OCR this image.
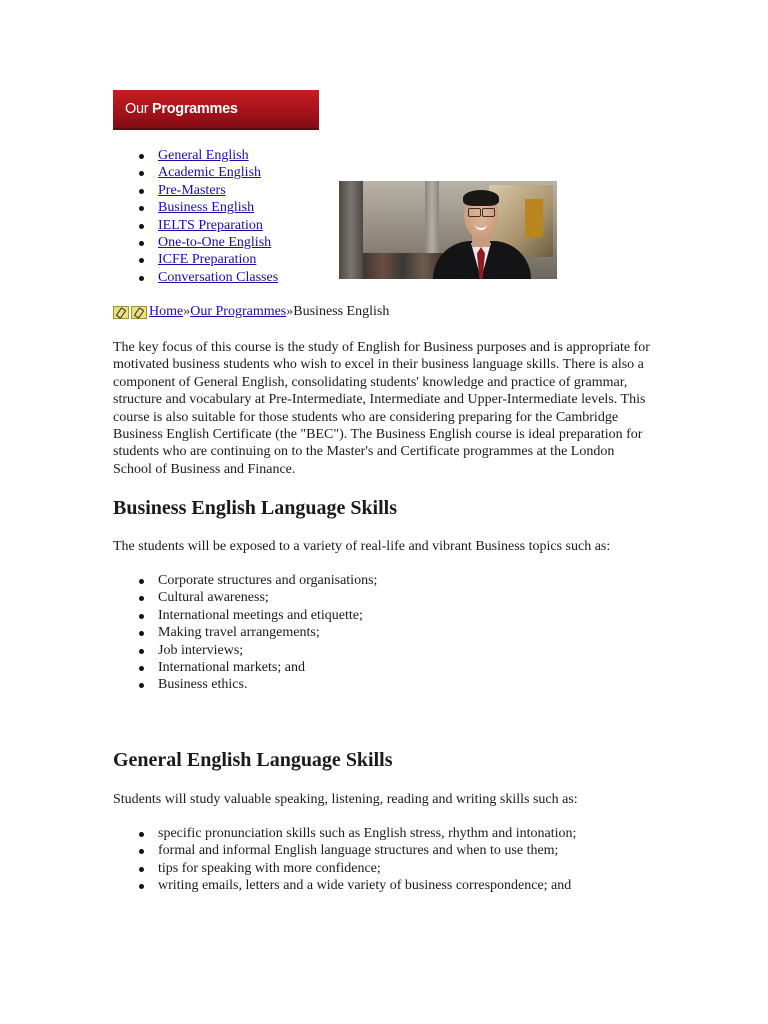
Our Programmes
General English
Academic English
Pre-Masters
Business English
IELTS Preparation
One-to-One English
ICFE Preparation
Conversation Classes
Home » Our Programmes » Business English

The key focus of this course is the study of English for Business purposes and is appropriate for motivated business students who wish to excel in their business language skills. There is also a component of General English, consolidating students' knowledge and practice of grammar, structure and vocabulary at Pre-Intermediate, Intermediate and Upper-Intermediate levels. This course is also suitable for those students who are considering preparing for the Cambridge Business English Certificate (the "BEC"). The Business English course is ideal preparation for students who are continuing on to the Master's and Certificate programmes at the London School of Business and Finance.

Business English Language Skills

The students will be exposed to a variety of real-life and vibrant Business topics such as:

Corporate structures and organisations;
Cultural awareness;
International meetings and etiquette;
Making travel arrangements;
Job interviews;
International markets; and
Business ethics.
General English Language Skills

Students will study valuable speaking, listening, reading and writing skills such as:

specific pronunciation skills such as English stress, rhythm and intonation;
formal and informal English language structures and when to use them;
tips for speaking with more confidence;
writing emails, letters and a wide variety of business correspondence; and
